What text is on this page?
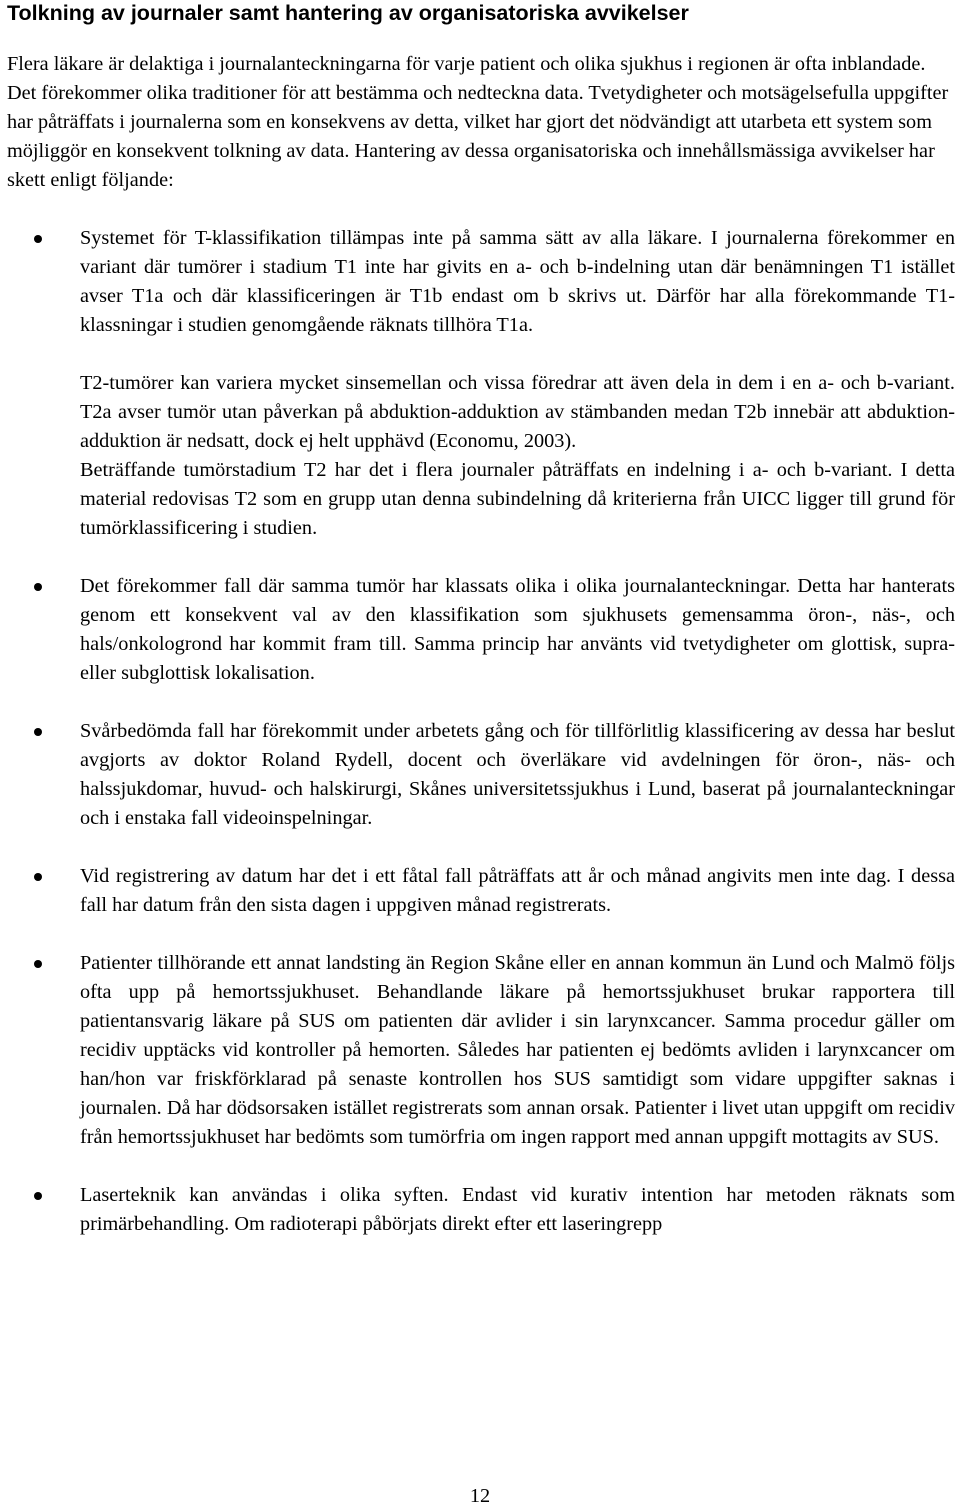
Tolkning av journaler samt hantering av organisatoriska avvikelser

Flera läkare är delaktiga i journalanteckningarna för varje patient och olika sjukhus i regionen är ofta inblandade. Det förekommer olika traditioner för att bestämma och nedteckna data. Tvetydigheter och motsägelsefulla uppgifter har påträffats i journalerna som en konsekvens av detta, vilket har gjort det nödvändigt att utarbeta ett system som möjliggör en konsekvent tolkning av data. Hantering av dessa organisatoriska och innehållsmässiga avvikelser har skett enligt följande:

Systemet för T-klassifikation tillämpas inte på samma sätt av alla läkare. I journalerna förekommer en variant där tumörer i stadium T1 inte har givits en a- och b-indelning utan där benämningen T1 istället avser T1a och där klassificeringen är T1b endast om b skrivs ut. Därför har alla förekommande T1-klassningar i studien genomgående räknats tillhöra T1a.

T2-tumörer kan variera mycket sinsemellan och vissa föredrar att även dela in dem i en a- och b-variant. T2a avser tumör utan påverkan på abduktion-adduktion av stämbanden medan T2b innebär att abduktion-adduktion är nedsatt, dock ej helt upphävd (Economu, 2003).

Beträffande tumörstadium T2 har det i flera journaler påträffats en indelning i a- och b-variant. I detta material redovisas T2 som en grupp utan denna subindelning då kriterierna från UICC ligger till grund för tumörklassificering i studien.

Det förekommer fall där samma tumör har klassats olika i olika journalanteckningar. Detta har hanterats genom ett konsekvent val av den klassifikation som sjukhusets gemensamma öron-, näs-, och hals/onkologrond har kommit fram till. Samma princip har använts vid tvetydigheter om glottisk, supra- eller subglottisk lokalisation.

Svårbedömda fall har förekommit under arbetets gång och för tillförlitlig klassificering av dessa har beslut avgjorts av doktor Roland Rydell, docent och överläkare vid avdelningen för öron-, näs- och halssjukdomar, huvud- och halskirurgi, Skånes universitetssjukhus i Lund, baserat på journalanteckningar och i enstaka fall videoinspelningar.

Vid registrering av datum har det i ett fåtal fall påträffats att år och månad angivits men inte dag. I dessa fall har datum från den sista dagen i uppgiven månad registrerats.

Patienter tillhörande ett annat landsting än Region Skåne eller en annan kommun än Lund och Malmö följs ofta upp på hemortssjukhuset. Behandlande läkare på hemortssjukhuset brukar rapportera till patientansvarig läkare på SUS om patienten där avlider i sin larynxcancer. Samma procedur gäller om recidiv upptäcks vid kontroller på hemorten. Således har patienten ej bedömts avliden i larynxcancer om han/hon var friskförklarad på senaste kontrollen hos SUS samtidigt som vidare uppgifter saknas i journalen. Då har dödsorsaken istället registrerats som annan orsak. Patienter i livet utan uppgift om recidiv från hemortssjukhuset har bedömts som tumörfria om ingen rapport med annan uppgift mottagits av SUS.

Laserteknik kan användas i olika syften. Endast vid kurativ intention har metoden räknats som primärbehandling. Om radioterapi påbörjats direkt efter ett laseringrepp

12
